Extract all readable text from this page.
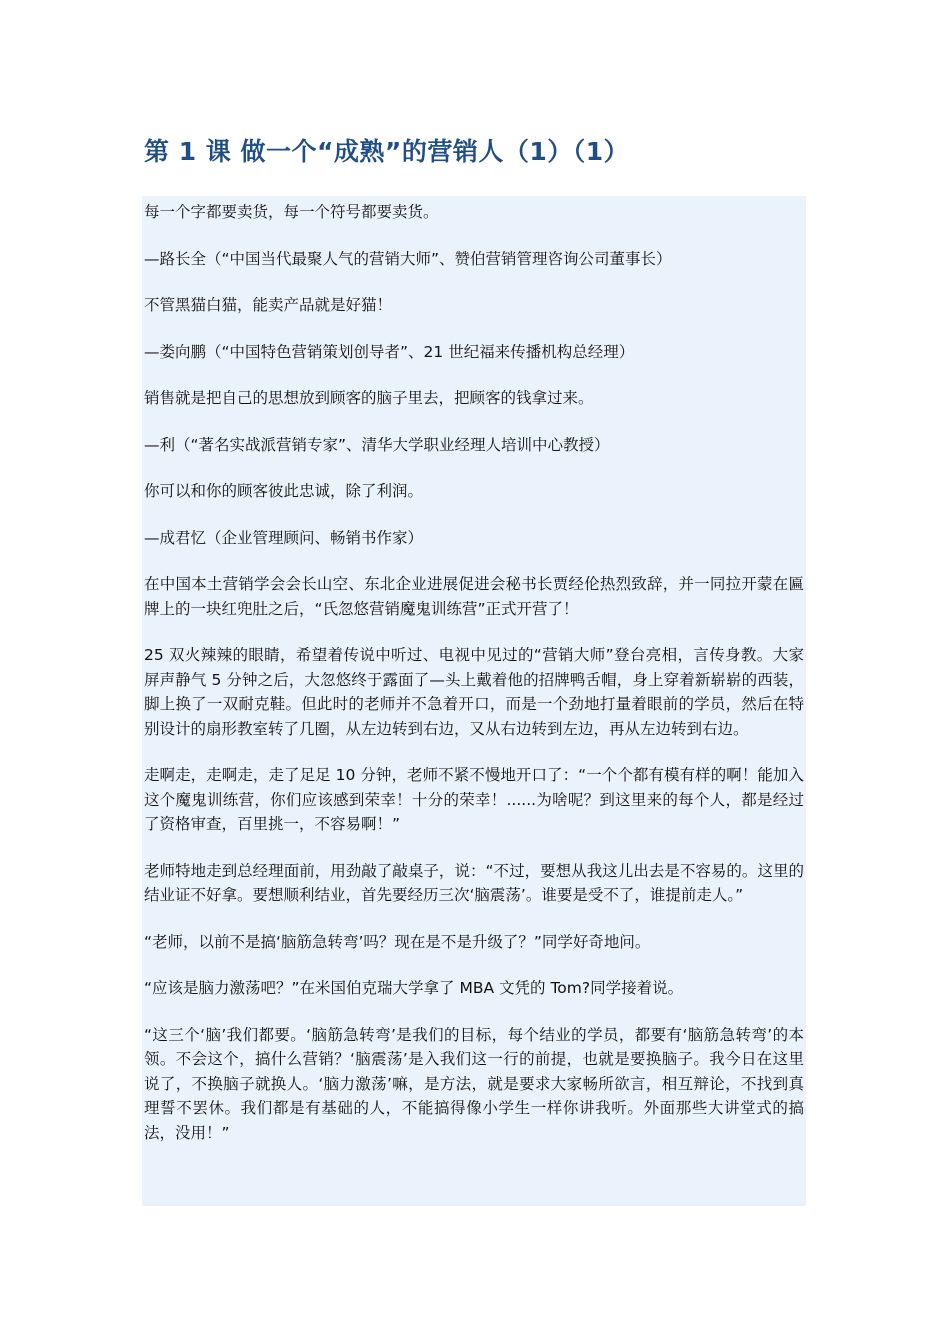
第 1 课 做一个“成熟”的营销人（1）（1）

每一个字都要卖货，每一个符号都要卖货。

—路长全（“中国当代最聚人气的营销大师”、赞伯营销管理咨询公司董事长）

不管黑猫白猫，能卖产品就是好猫！

—娄向鹏（“中国特色营销策划创导者”、21 世纪福来传播机构总经理）

销售就是把自己的思想放到顾客的脑子里去，把顾客的钱拿过来。

—利（“著名实战派营销专家”、清华大学职业经理人培训中心教授）

你可以和你的顾客彼此忠诚，除了利润。

—成君忆（企业管理顾问、畅销书作家）

在中国本土营销学会会长山空、东北企业进展促进会秘书长贾经伦热烈致辞，并一同拉开蒙在匾牌上的一块红兜肚之后，“氏忽悠营销魔鬼训练营”正式开营了！

25 双火辣辣的眼睛，希望着传说中听过、电视中见过的“营销大师”登台亮相，言传身教。大家屏声静气 5 分钟之后，大忽悠终于露面了—头上戴着他的招牌鸭舌帽，身上穿着新崭崭的西装，脚上换了一双耐克鞋。但此时的老师并不急着开口，而是一个劲地打量着眼前的学员，然后在特别设计的扇形教室转了几圈，从左边转到右边，又从右边转到左边，再从左边转到右边。

走啊走，走啊走，走了足足 10 分钟，老师不紧不慢地开口了：“一个个都有模有样的啊！能加入这个魔鬼训练营，你们应该感到荣幸！十分的荣幸！......为啥呢？到这里来的每个人，都是经过了资格审查，百里挑一，不容易啊！”

老师特地走到总经理面前，用劲敲了敲桌子，说：“不过，要想从我这儿出去是不容易的。这里的结业证不好拿。要想顺利结业，首先要经历三次‘脑震荡’。谁要是受不了，谁提前走人。”

“老师，以前不是搞‘脑筋急转弯’吗？现在是不是升级了？”同学好奇地问。

“应该是脑力激荡吧？”在米国伯克瑞大学拿了 MBA 文凭的 Tom?同学接着说。

“这三个‘脑’我们都要。‘脑筋急转弯’是我们的目标，每个结业的学员，都要有‘脑筋急转弯’的本领。不会这个，搞什么营销？‘脑震荡’是入我们这一行的前提，也就是要换脑子。我今日在这里说了，不换脑子就换人。‘脑力激荡’嘛，是方法，就是要求大家畅所欲言，相互辩论，不找到真理誓不罢休。我们都是有基础的人，不能搞得像小学生一样你讲我听。外面那些大讲堂式的搞法，没用！”
